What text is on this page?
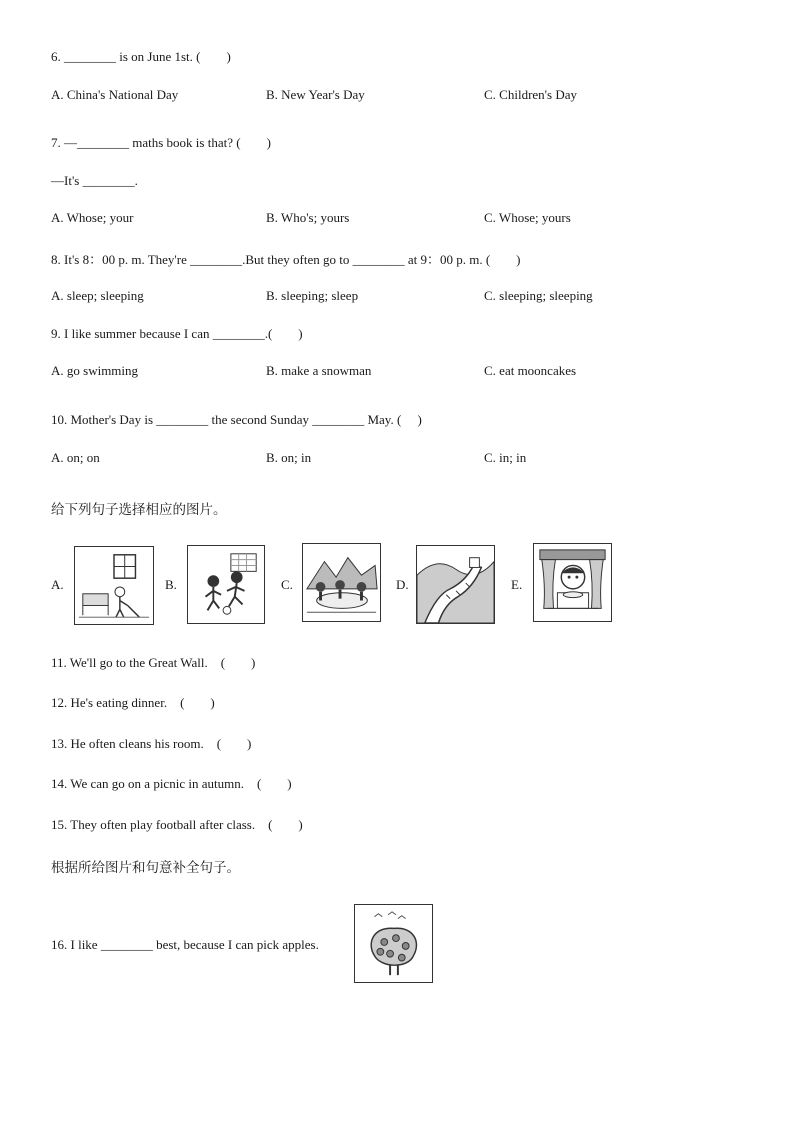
6. ________ is on June 1st. (  )
A. China's National Day	B. New Year's Day	C. Children's Day
7. —________ maths book is that? (  )
—It's ________.
A. Whose; your	B. Who's; yours	C. Whose; yours
8. It's 8：00 p. m. They're ________.But they often go to ________ at 9：00 p. m. (  )
A. sleep; sleeping	B. sleeping; sleep	C. sleeping; sleeping
9. I like summer because I can ________.(  )
A. go swimming	B. make a snowman	C. eat mooncakes
10. Mother's Day is ________ the second Sunday ________ May. (  )
A. on; on	B. on; in	C. in; in
给下列句子选择相应的图片。
A.	B.	C.	D.	E.
11. We'll go to the Great Wall. (  )
12. He's eating dinner. (  )
13. He often cleans his room. (  )
14. We can go on a picnic in autumn. (  )
15. They often play football after class. (  )
根据所给图片和句意补全句子。
16. I like ________ best, because I can pick apples.
